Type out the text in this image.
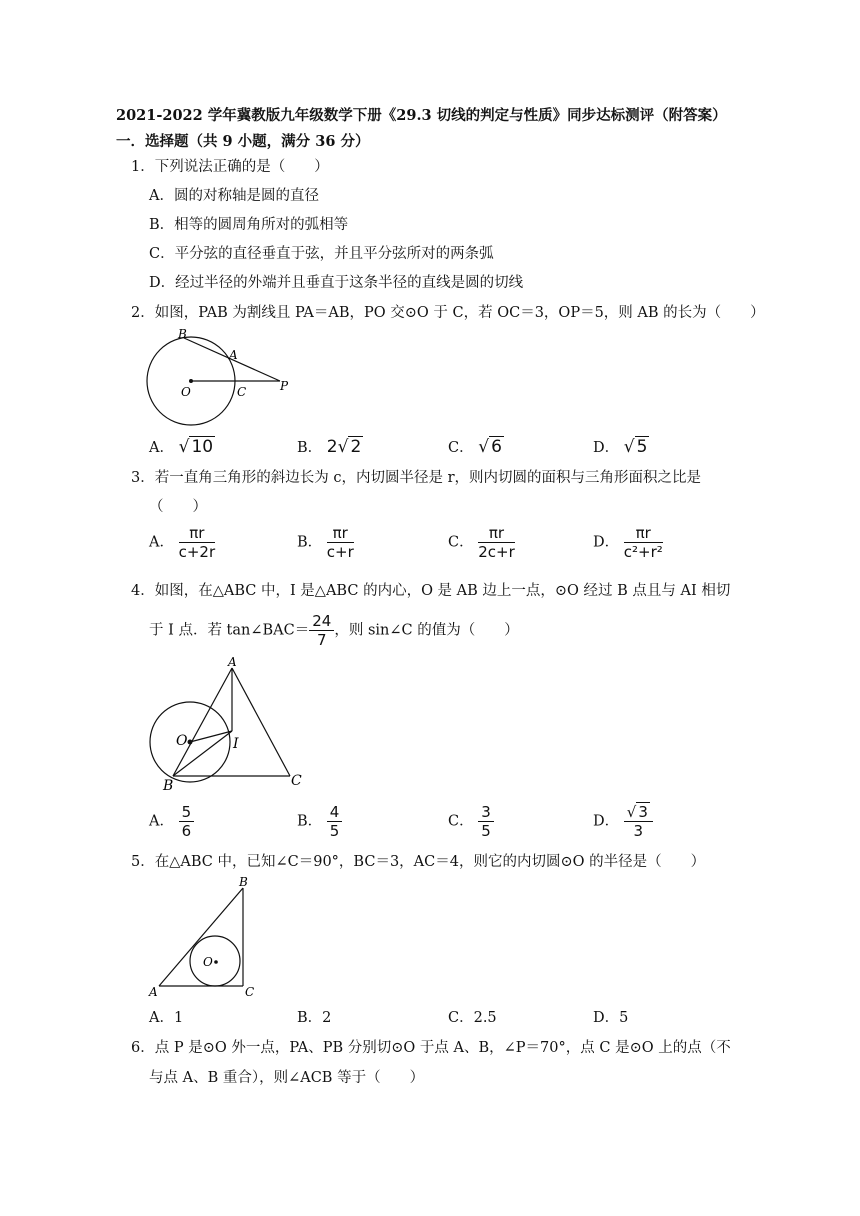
2021-2022 学年冀教版九年级数学下册《29.3 切线的判定与性质》同步达标测评（附答案）
一．选择题（共 9 小题，满分 36 分）
1．下列说法正确的是（　　）
A．圆的对称轴是圆的直径
B．相等的圆周角所对的弧相等
C．平分弦的直径垂直于弦，并且平分弦所对的两条弧
D．经过半径的外端并且垂直于这条半径的直线是圆的切线
2．如图，PAB 为割线且 PA＝AB，PO 交⊙O 于 C，若 OC＝3，OP＝5，则 AB 的长为（　　）
B
A
O	C	P
A． √ 10	B． 2√ 2	C． √ 6	D． √ 5
3．若一直角三角形的斜边长为 c，内切圆半径是 r，则内切圆的面积与三角形面积之比是
（　　）
A． $\frac{\pi r}{c+2r}$	B． $\frac{\pi r}{c+r}$	C． $\frac{\pi r}{2c+r}$	D． $\frac{\pi r}{\text{c²+r²}}$
4．如图，在△ABC 中，I 是△ABC 的内心，O 是 AB 边上一点，⊙O 经过 B 点且与 AI 相切
于 I 点．若 tan∠BAC＝ $\frac{24}{7}$ ，则 sin∠C 的值为（　　）
A
O	I
B	C
A． $\frac{5}{6}$	B． $\frac{4}{5}$	C． $\frac{3}{5}$	D． $\frac{√ 3}{3}$
5．在△ABC 中，已知∠C＝90°，BC＝3，AC＝4，则它的内切圆⊙O 的半径是（　　）
B
O
A	C
A．1	B．2	C．2.5	D．5
6．点 P 是⊙O 外一点，PA、PB 分别切⊙O 于点 A、B，∠P＝70°，点 C 是⊙O 上的点（不
与点 A、B 重合），则∠ACB 等于（　　）
